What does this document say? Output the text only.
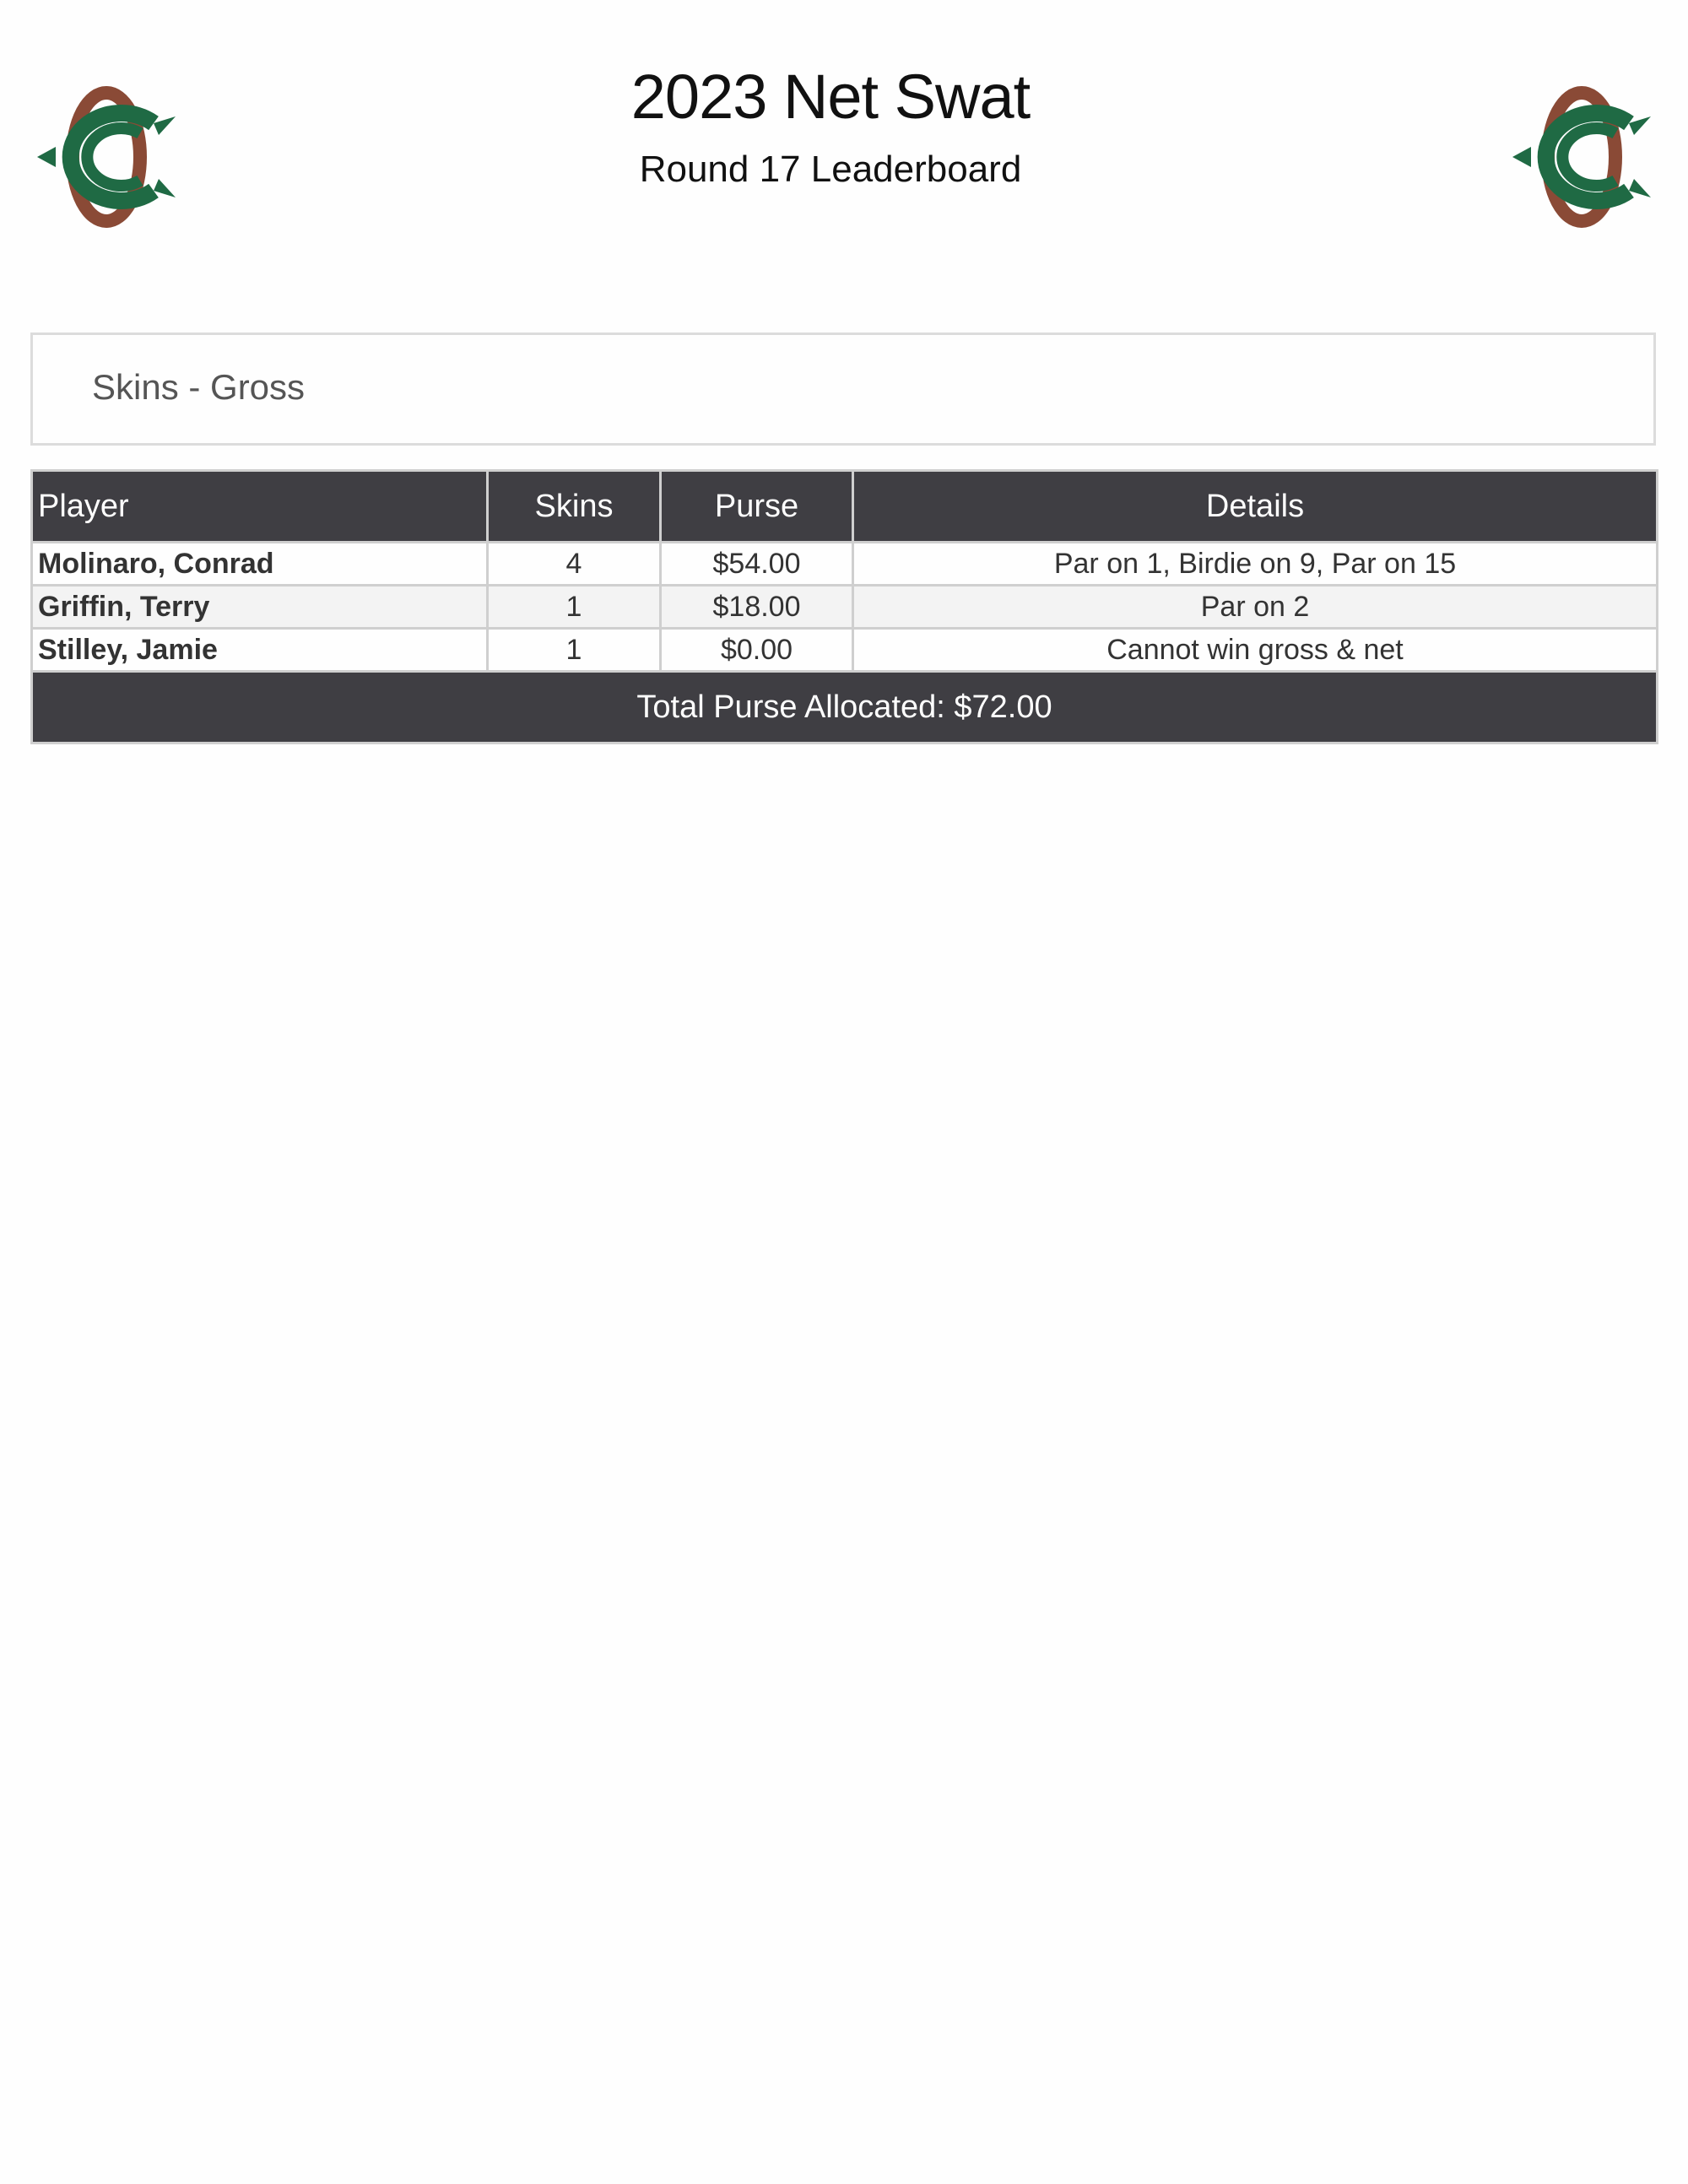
2023 Net Swat
Round 17 Leaderboard
Skins - Gross
Player	Skins	Purse	Details
Molinaro, Conrad	4	$54.00	Par on 1, Birdie on 9, Par on 15
Griffin, Terry	1	$18.00	Par on 2
Stilley, Jamie	1	$0.00	Cannot win gross & net
Total Purse Allocated: $72.00			
